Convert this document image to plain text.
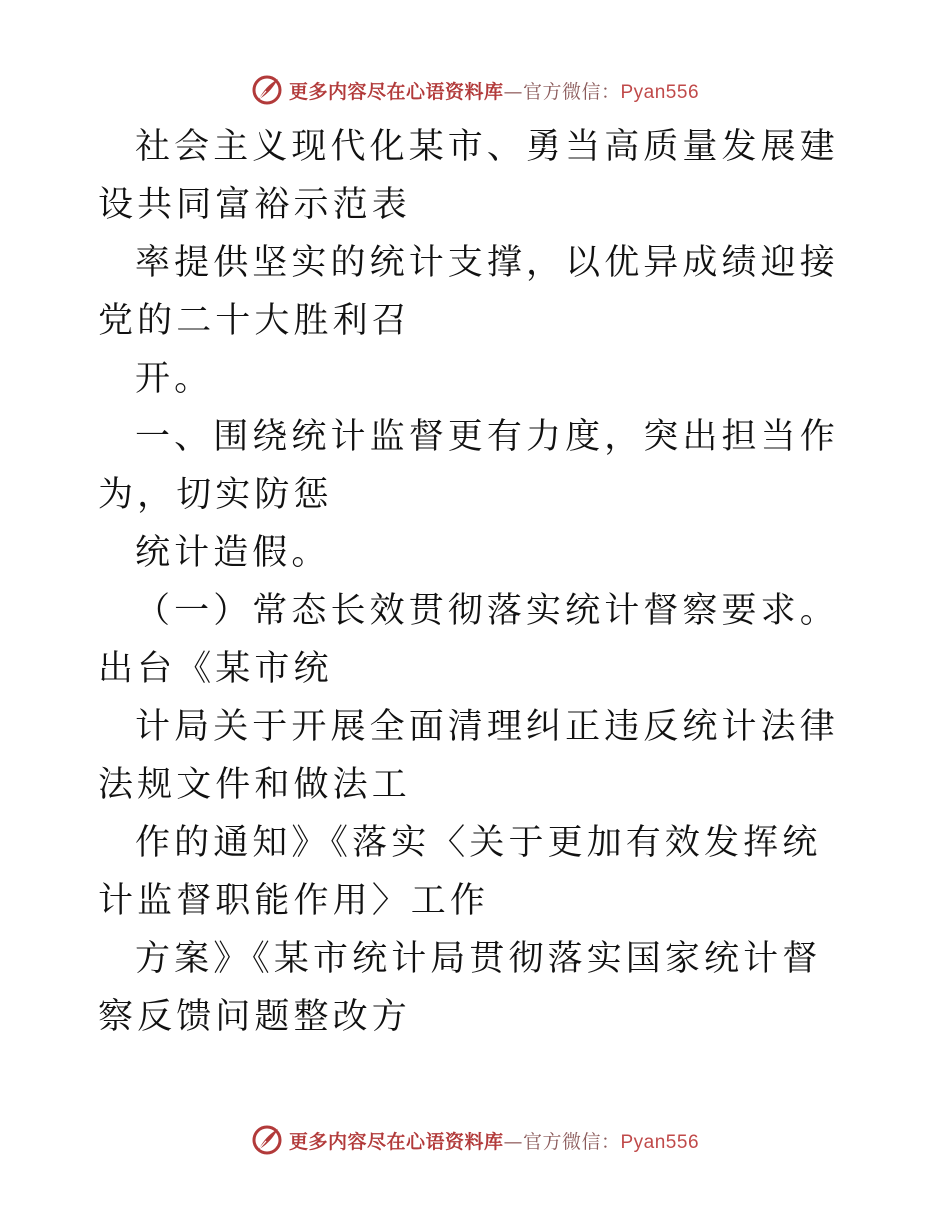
更多内容尽在心语资料库—官方微信：Pyan556

社会主义现代化某市、勇当高质量发展建设共同富裕示范表

率提供坚实的统计支撑，以优异成绩迎接党的二十大胜利召

开。

一、围绕统计监督更有力度，突出担当作为，切实防惩

统计造假。

（一）常态长效贯彻落实统计督察要求。出台《某市统

计局关于开展全面清理纠正违反统计法律法规文件和做法工

作的通知》《落实〈关于更加有效发挥统计监督职能作用〉工作

方案》《某市统计局贯彻落实国家统计督察反馈问题整改方

更多内容尽在心语资料库—官方微信：Pyan556
